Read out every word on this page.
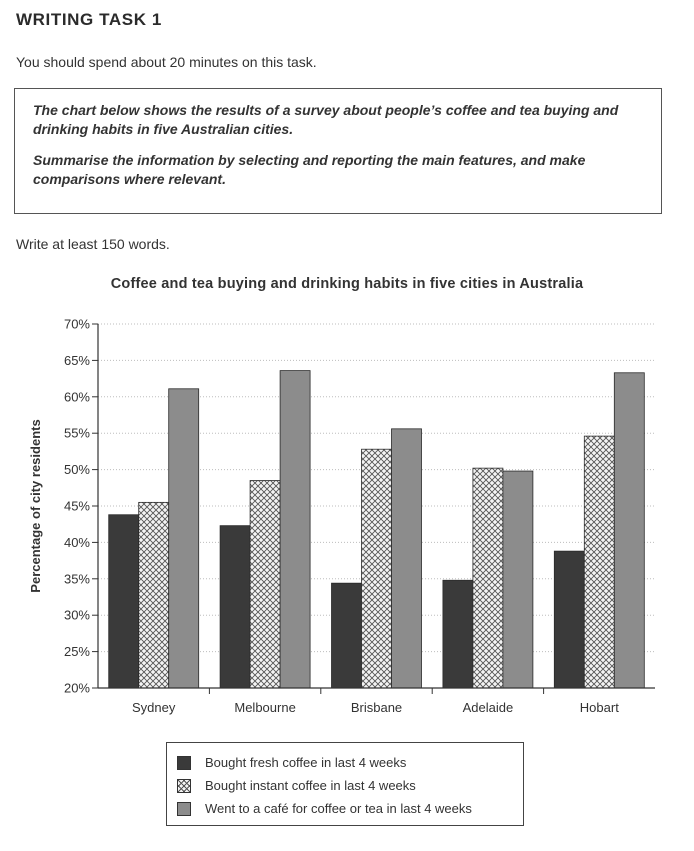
WRITING TASK 1
You should spend about 20 minutes on this task.

The chart below shows the results of a survey about people’s coffee and tea buying and drinking habits in five Australian cities.

Summarise the information by selecting and reporting the main features, and make comparisons where relevant.

Write at least 150 words.
Coffee and tea buying and drinking habits in five cities in Australia
20%
25%
30%
35%
40%
45%
50%
55%
60%
65%
70%
Sydney	Melbourne	Brisbane	Adelaide	Hobart
Percentage of city residents
Bought fresh coffee in last 4 weeks
Bought instant coffee in last 4 weeks
Went to a café for coffee or tea in last 4 weeks
